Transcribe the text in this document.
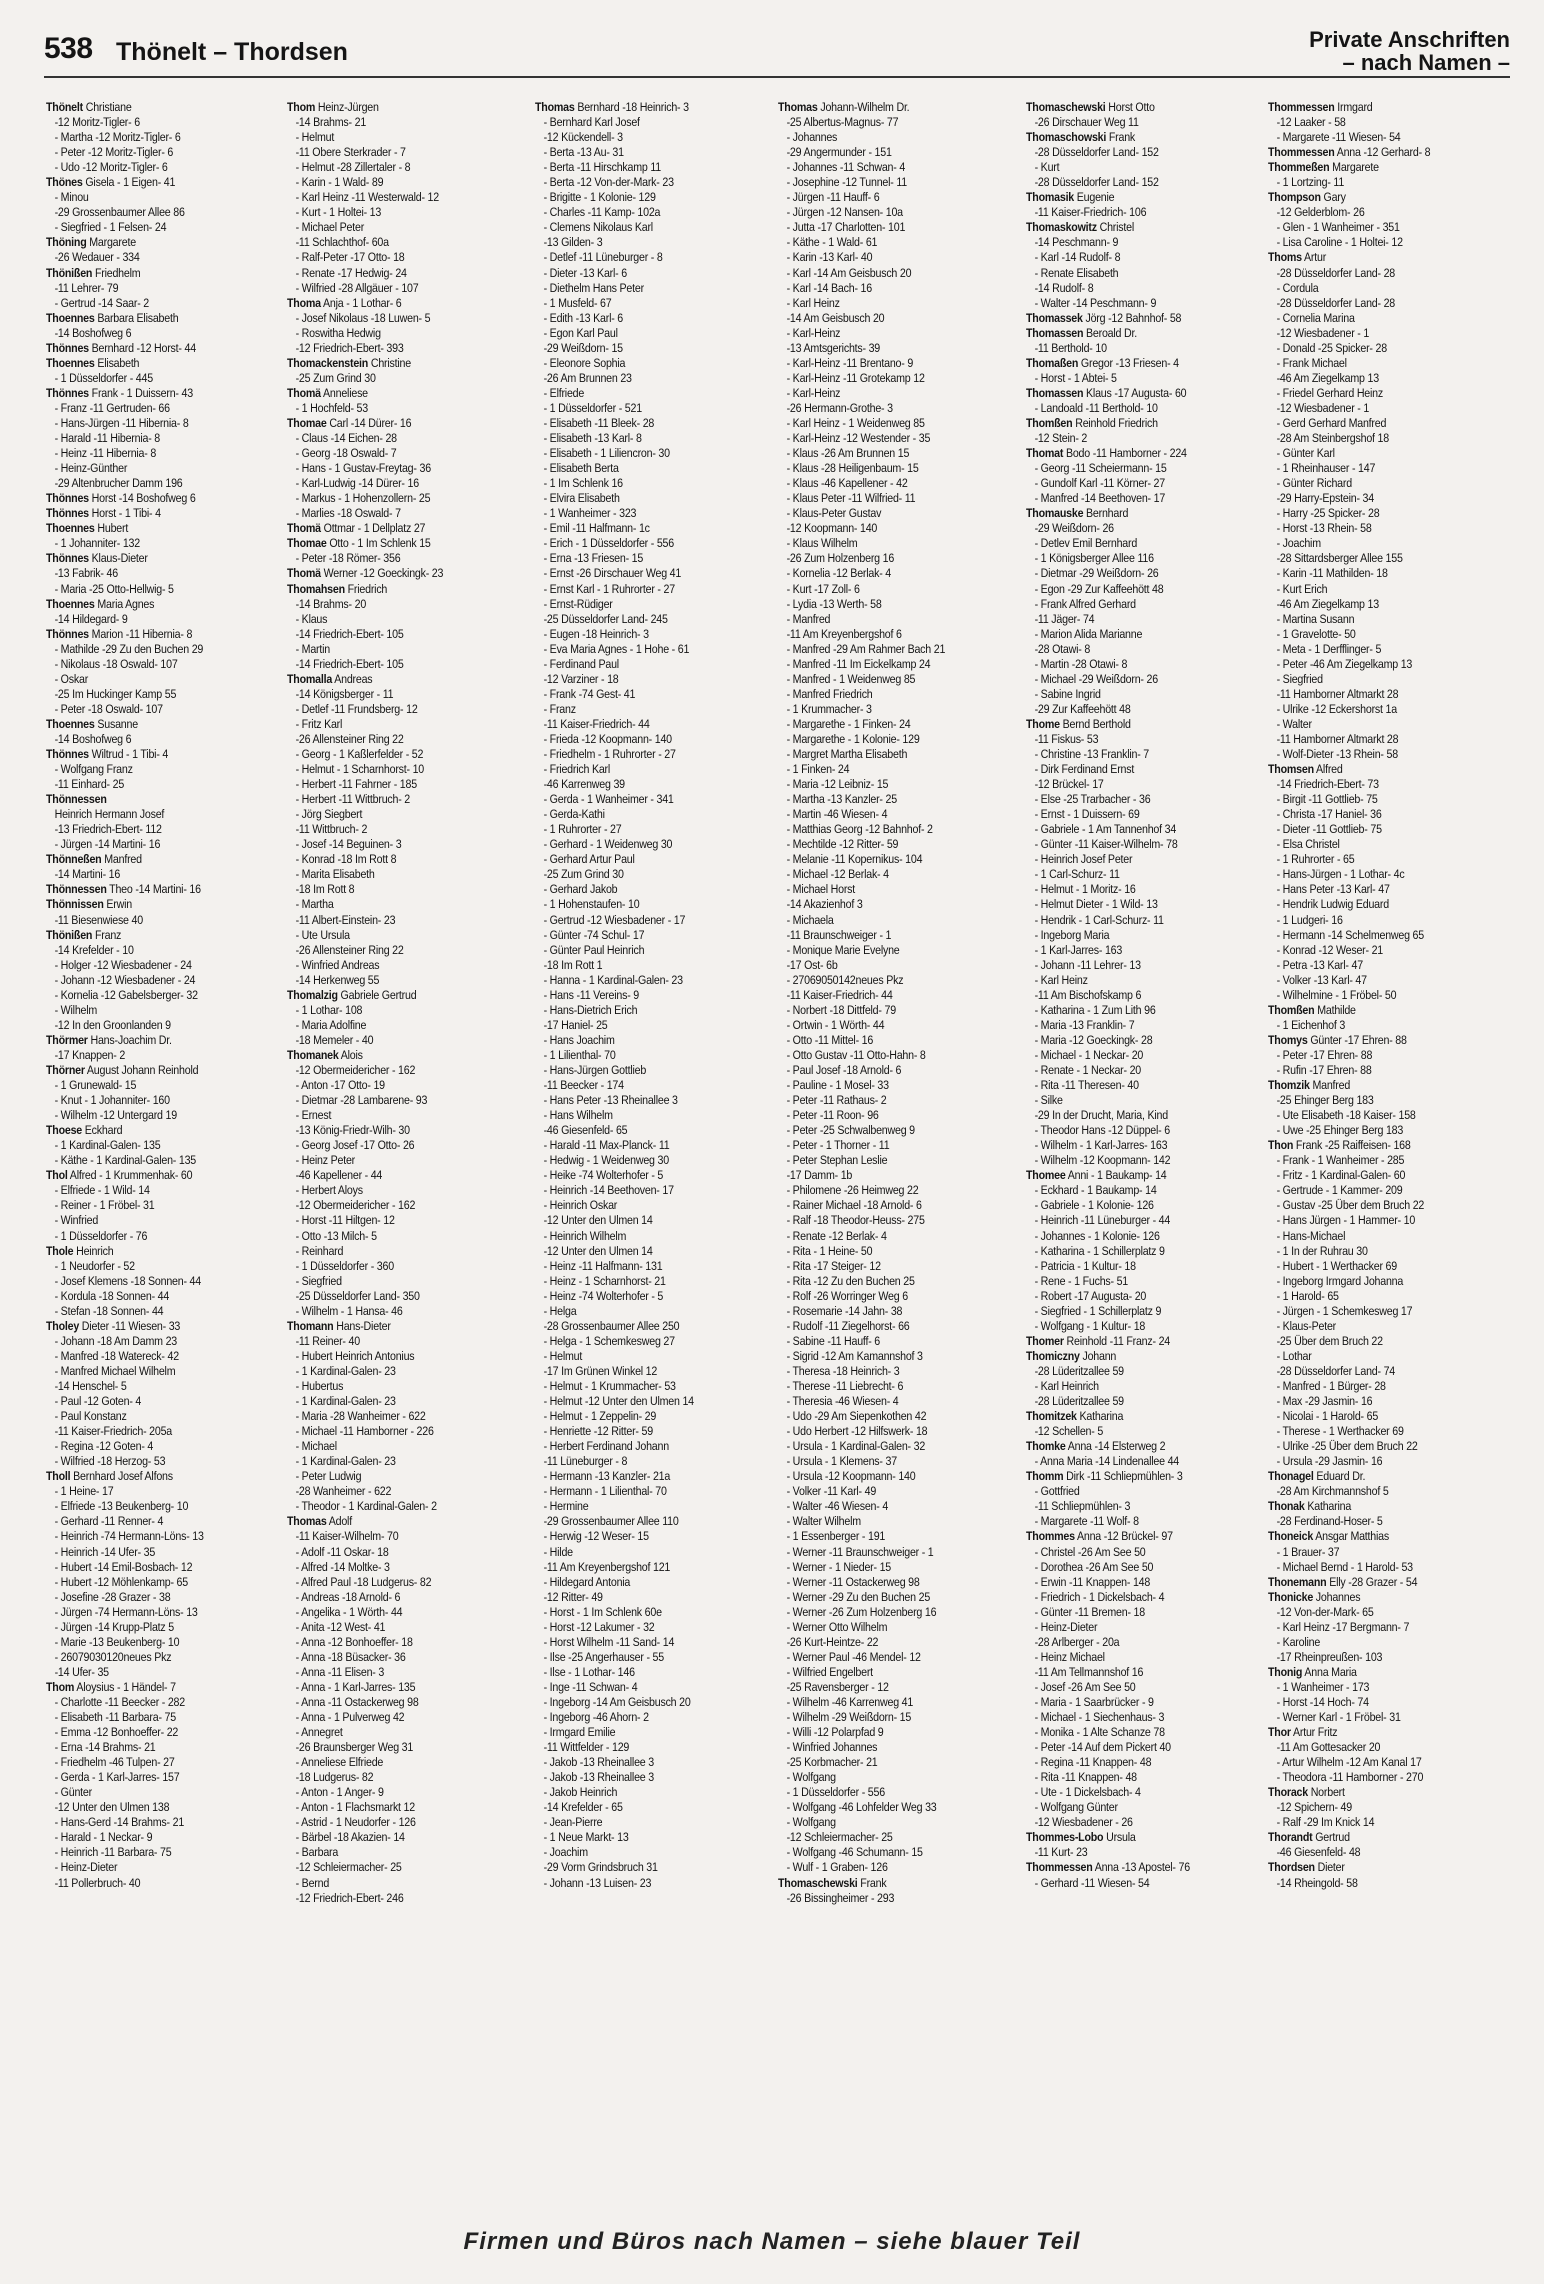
538 Thönelt – Thordsen	Private Anschriften
– nach Namen –
Thönelt Christiane
-12 Moritz-Tigler- 6
- Martha -12 Moritz-Tigler- 6
- Peter -12 Moritz-Tigler- 6
- Udo -12 Moritz-Tigler- 6
Thönes Gisela - 1 Eigen- 41
- Minou
-29 Grossenbaumer Allee 86
- Siegfried - 1 Felsen- 24
Thöning Margarete
-26 Wedauer - 334
Thönißen Friedhelm
-11 Lehrer- 79
- Gertrud -14 Saar- 2
Thoennes Barbara Elisabeth
-14 Boshofweg 6
Thönnes Bernhard -12 Horst- 44
Thoennes Elisabeth
- 1 Düsseldorfer - 445
Thönnes Frank - 1 Duissern- 43
- Franz -11 Gertruden- 66
- Hans-Jürgen -11 Hibernia- 8
- Harald -11 Hibernia- 8
- Heinz -11 Hibernia- 8
- Heinz-Günther
-29 Altenbrucher Damm 196
Thönnes Horst -14 Boshofweg 6
Thönnes Horst - 1 Tibi- 4
Thoennes Hubert
- 1 Johanniter- 132
Thönnes Klaus-Dieter
-13 Fabrik- 46
- Maria -25 Otto-Hellwig- 5
Thoennes Maria Agnes
-14 Hildegard- 9
Thönnes Marion -11 Hibernia- 8
- Mathilde -29 Zu den Buchen 29
- Nikolaus -18 Oswald- 107
- Oskar
-25 Im Huckinger Kamp 55
- Peter -18 Oswald- 107
Thoennes Susanne
-14 Boshofweg 6
Thönnes Wiltrud - 1 Tibi- 4
- Wolfgang Franz
-11 Einhard- 25
Thönnessen
Heinrich Hermann Josef
-13 Friedrich-Ebert- 112
- Jürgen -14 Martini- 16
Thönneßen Manfred
-14 Martini- 16
Thönnessen Theo -14 Martini- 16
Thönnissen Erwin
-11 Biesenwiese 40
Thönißen Franz
-14 Krefelder - 10
- Holger -12 Wiesbadener - 24
- Johann -12 Wiesbadener - 24
- Kornelia -12 Gabelsberger- 32
- Wilhelm
-12 In den Groonlanden 9
Thörmer Hans-Joachim Dr.
-17 Knappen- 2
Thörner August Johann Reinhold
- 1 Grunewald- 15
- Knut - 1 Johanniter- 160
- Wilhelm -12 Untergard 19
Thoese Eckhard
- 1 Kardinal-Galen- 135
- Käthe - 1 Kardinal-Galen- 135
Thol Alfred - 1 Krummenhak- 60
- Elfriede - 1 Wild- 14
- Reiner - 1 Fröbel- 31
- Winfried
- 1 Düsseldorfer - 76
Thole Heinrich
- 1 Neudorfer - 52
- Josef Klemens -18 Sonnen- 44
- Kordula -18 Sonnen- 44
- Stefan -18 Sonnen- 44
Tholey Dieter -11 Wiesen- 33
- Johann -18 Am Damm 23
- Manfred -18 Watereck- 42
- Manfred Michael Wilhelm
-14 Henschel- 5
- Paul -12 Goten- 4
- Paul Konstanz
-11 Kaiser-Friedrich- 205a
- Regina -12 Goten- 4
- Wilfried -18 Herzog- 53
Tholl Bernhard Josef Alfons
- 1 Heine- 17
- Elfriede -13 Beukenberg- 10
- Gerhard -11 Renner- 4
- Heinrich -74 Hermann-Löns- 13
- Heinrich -14 Ufer- 35
- Hubert -14 Emil-Bosbach- 12
- Hubert -12 Möhlenkamp- 65
- Josefine -28 Grazer - 38
- Jürgen -74 Hermann-Löns- 13
- Jürgen -14 Krupp-Platz 5
- Marie -13 Beukenberg- 10
- 26079030120neues Pkz
-14 Ufer- 35
Thom Aloysius - 1 Händel- 7
- Charlotte -11 Beecker - 282
- Elisabeth -11 Barbara- 75
- Emma -12 Bonhoeffer- 22
- Erna -14 Brahms- 21
- Friedhelm -46 Tulpen- 27
- Gerda - 1 Karl-Jarres- 157
- Günter
-12 Unter den Ulmen 138
- Hans-Gerd -14 Brahms- 21
- Harald - 1 Neckar- 9
- Heinrich -11 Barbara- 75
- Heinz-Dieter
-11 Pollerbruch- 40
Thom Heinz-Jürgen
-14 Brahms- 21
- Helmut
-11 Obere Sterkrader - 7
- Helmut -28 Zillertaler - 8
- Karin - 1 Wald- 89
- Karl Heinz -11 Westerwald- 12
- Kurt - 1 Holtei- 13
- Michael Peter
-11 Schlachthof- 60a
- Ralf-Peter -17 Otto- 18
- Renate -17 Hedwig- 24
- Wilfried -28 Allgäuer - 107
Thoma Anja - 1 Lothar- 6
- Josef Nikolaus -18 Luwen- 5
- Roswitha Hedwig
-12 Friedrich-Ebert- 393
Thomackenstein Christine
-25 Zum Grind 30
Thomä Anneliese
- 1 Hochfeld- 53
Thomae Carl -14 Dürer- 16
- Claus -14 Eichen- 28
- Georg -18 Oswald- 7
- Hans - 1 Gustav-Freytag- 36
- Karl-Ludwig -14 Dürer- 16
- Markus - 1 Hohenzollern- 25
- Marlies -18 Oswald- 7
Thomä Ottmar - 1 Dellplatz 27
Thomae Otto - 1 Im Schlenk 15
- Peter -18 Römer- 356
Thomä Werner -12 Goeckingk- 23
Thomahsen Friedrich
-14 Brahms- 20
- Klaus
-14 Friedrich-Ebert- 105
- Martin
-14 Friedrich-Ebert- 105
Thomalla Andreas
-14 Königsberger - 11
- Detlef -11 Frundsberg- 12
- Fritz Karl
-26 Allensteiner Ring 22
- Georg - 1 Kaßlerfelder - 52
- Helmut - 1 Scharnhorst- 10
- Herbert -11 Fahrner - 185
- Herbert -11 Wittbruch- 2
- Jörg Siegbert
-11 Wittbruch- 2
- Josef -14 Beguinen- 3
- Konrad -18 Im Rott 8
- Marita Elisabeth
-18 Im Rott 8
- Martha
-11 Albert-Einstein- 23
- Ute Ursula
-26 Allensteiner Ring 22
- Winfried Andreas
-14 Herkenweg 55
Thomalzig Gabriele Gertrud
- 1 Lothar- 108
- Maria Adolfine
-18 Memeler - 40
Thomanek Alois
-12 Obermeidericher - 162
- Anton -17 Otto- 19
- Dietmar -28 Lambarene- 93
- Ernest
-13 König-Friedr-Wilh- 30
- Georg Josef -17 Otto- 26
- Heinz Peter
-46 Kapellener - 44
- Herbert Aloys
-12 Obermeidericher - 162
- Horst -11 Hiltgen- 12
- Otto -13 Milch- 5
- Reinhard
- 1 Düsseldorfer - 360
- Siegfried
-25 Düsseldorfer Land- 350
- Wilhelm - 1 Hansa- 46
Thomann Hans-Dieter
-11 Reiner- 40
- Hubert Heinrich Antonius
- 1 Kardinal-Galen- 23
- Hubertus
- 1 Kardinal-Galen- 23
- Maria -28 Wanheimer - 622
- Michael -11 Hamborner - 226
- Michael
- 1 Kardinal-Galen- 23
- Peter Ludwig
-28 Wanheimer - 622
- Theodor - 1 Kardinal-Galen- 2
Thomas Adolf
-11 Kaiser-Wilhelm- 70
- Adolf -11 Oskar- 18
- Alfred -14 Moltke- 3
- Alfred Paul -18 Ludgerus- 82
- Andreas -18 Arnold- 6
- Angelika - 1 Wörth- 44
- Anita -12 West- 41
- Anna -12 Bonhoeffer- 18
- Anna -18 Büsacker- 36
- Anna -11 Elisen- 3
- Anna - 1 Karl-Jarres- 135
- Anna -11 Ostackerweg 98
- Anna - 1 Pulverweg 42
- Annegret
-26 Braunsberger Weg 31
- Anneliese Elfriede
-18 Ludgerus- 82
- Anton - 1 Anger- 9
- Anton - 1 Flachsmarkt 12
- Astrid - 1 Neudorfer - 126
- Bärbel -18 Akazien- 14
- Barbara
-12 Schleiermacher- 25
- Bernd
-12 Friedrich-Ebert- 246
Thomas Bernhard -18 Heinrich- 3
- Bernhard Karl Josef
-12 Kückendell- 3
- Berta -13 Au- 31
- Berta -11 Hirschkamp 11
- Berta -12 Von-der-Mark- 23
- Brigitte - 1 Kolonie- 129
- Charles -11 Kamp- 102a
- Clemens Nikolaus Karl
-13 Gilden- 3
- Detlef -11 Lüneburger - 8
- Dieter -13 Karl- 6
- Diethelm Hans Peter
- 1 Musfeld- 67
- Edith -13 Karl- 6
- Egon Karl Paul
-29 Weißdorn- 15
- Eleonore Sophia
-26 Am Brunnen 23
- Elfriede
- 1 Düsseldorfer - 521
- Elisabeth -11 Bleek- 28
- Elisabeth -13 Karl- 8
- Elisabeth - 1 Liliencron- 30
- Elisabeth Berta
- 1 Im Schlenk 16
- Elvira Elisabeth
- 1 Wanheimer - 323
- Emil -11 Halfmann- 1c
- Erich - 1 Düsseldorfer - 556
- Erna -13 Friesen- 15
- Ernst -26 Dirschauer Weg 41
- Ernst Karl - 1 Ruhrorter - 27
- Ernst-Rüdiger
-25 Düsseldorfer Land- 245
- Eugen -18 Heinrich- 3
- Eva Maria Agnes - 1 Hohe - 61
- Ferdinand Paul
-12 Varziner - 18
- Frank -74 Gest- 41
- Franz
-11 Kaiser-Friedrich- 44
- Frieda -12 Koopmann- 140
- Friedhelm - 1 Ruhrorter - 27
- Friedrich Karl
-46 Karrenweg 39
- Gerda - 1 Wanheimer - 341
- Gerda-Kathi
- 1 Ruhrorter - 27
- Gerhard - 1 Weidenweg 30
- Gerhard Artur Paul
-25 Zum Grind 30
- Gerhard Jakob
- 1 Hohenstaufen- 10
- Gertrud -12 Wiesbadener - 17
- Günter -74 Schul- 17
- Günter Paul Heinrich
-18 Im Rott 1
- Hanna - 1 Kardinal-Galen- 23
- Hans -11 Vereins- 9
- Hans-Dietrich Erich
-17 Haniel- 25
- Hans Joachim
- 1 Lilienthal- 70
- Hans-Jürgen Gottlieb
-11 Beecker - 174
- Hans Peter -13 Rheinallee 3
- Hans Wilhelm
-46 Giesenfeld- 65
- Harald -11 Max-Planck- 11
- Hedwig - 1 Weidenweg 30
- Heike -74 Wolterhofer - 5
- Heinrich -14 Beethoven- 17
- Heinrich Oskar
-12 Unter den Ulmen 14
- Heinrich Wilhelm
-12 Unter den Ulmen 14
- Heinz -11 Halfmann- 131
- Heinz - 1 Scharnhorst- 21
- Heinz -74 Wolterhofer - 5
- Helga
-28 Grossenbaumer Allee 250
- Helga - 1 Schemkesweg 27
- Helmut
-17 Im Grünen Winkel 12
- Helmut - 1 Krummacher- 53
- Helmut -12 Unter den Ulmen 14
- Helmut - 1 Zeppelin- 29
- Henriette -12 Ritter- 59
- Herbert Ferdinand Johann
-11 Lüneburger - 8
- Hermann -13 Kanzler- 21a
- Hermann - 1 Lilienthal- 70
- Hermine
-29 Grossenbaumer Allee 110
- Herwig -12 Weser- 15
- Hilde
-11 Am Kreyenbergshof 121
- Hildegard Antonia
-12 Ritter- 49
- Horst - 1 Im Schlenk 60e
- Horst -12 Lakumer - 32
- Horst Wilhelm -11 Sand- 14
- Ilse -25 Angerhauser - 55
- Ilse - 1 Lothar- 146
- Inge -11 Schwan- 4
- Ingeborg -14 Am Geisbusch 20
- Ingeborg -46 Ahorn- 2
- Irmgard Emilie
-11 Wittfelder - 129
- Jakob -13 Rheinallee 3
- Jakob -13 Rheinallee 3
- Jakob Heinrich
-14 Krefelder - 65
- Jean-Pierre
- 1 Neue Markt- 13
- Joachim
-29 Vorm Grindsbruch 31
- Johann -13 Luisen- 23
Thomas Johann-Wilhelm Dr.
-25 Albertus-Magnus- 77
- Johannes
-29 Angermunder - 151
- Johannes -11 Schwan- 4
- Josephine -12 Tunnel- 11
- Jürgen -11 Hauff- 6
- Jürgen -12 Nansen- 10a
- Jutta -17 Charlotten- 101
- Käthe - 1 Wald- 61
- Karin -13 Karl- 40
- Karl -14 Am Geisbusch 20
- Karl -14 Bach- 16
- Karl Heinz
-14 Am Geisbusch 20
- Karl-Heinz
-13 Amtsgerichts- 39
- Karl-Heinz -11 Brentano- 9
- Karl-Heinz -11 Grotekamp 12
- Karl-Heinz
-26 Hermann-Grothe- 3
- Karl Heinz - 1 Weidenweg 85
- Karl-Heinz -12 Westender - 35
- Klaus -26 Am Brunnen 15
- Klaus -28 Heiligenbaum- 15
- Klaus -46 Kapellener - 42
- Klaus Peter -11 Wilfried- 11
- Klaus-Peter Gustav
-12 Koopmann- 140
- Klaus Wilhelm
-26 Zum Holzenberg 16
- Kornelia -12 Berlak- 4
- Kurt -17 Zoll- 6
- Lydia -13 Werth- 58
- Manfred
-11 Am Kreyenbergshof 6
- Manfred -29 Am Rahmer Bach 21
- Manfred -11 Im Eickelkamp 24
- Manfred - 1 Weidenweg 85
- Manfred Friedrich
- 1 Krummacher- 3
- Margarethe - 1 Finken- 24
- Margarethe - 1 Kolonie- 129
- Margret Martha Elisabeth
- 1 Finken- 24
- Maria -12 Leibniz- 15
- Martha -13 Kanzler- 25
- Martin -46 Wiesen- 4
- Matthias Georg -12 Bahnhof- 2
- Mechtilde -12 Ritter- 59
- Melanie -11 Kopernikus- 104
- Michael -12 Berlak- 4
- Michael Horst
-14 Akazienhof 3
- Michaela
-11 Braunschweiger - 1
- Monique Marie Evelyne
-17 Ost- 6b
- 27069050142neues Pkz
-11 Kaiser-Friedrich- 44
- Norbert -18 Dittfeld- 79
- Ortwin - 1 Wörth- 44
- Otto -11 Mittel- 16
- Otto Gustav -11 Otto-Hahn- 8
- Paul Josef -18 Arnold- 6
- Pauline - 1 Mosel- 33
- Peter -11 Rathaus- 2
- Peter -11 Roon- 96
- Peter -25 Schwalbenweg 9
- Peter - 1 Thorner - 11
- Peter Stephan Leslie
-17 Damm- 1b
- Philomene -26 Heimweg 22
- Rainer Michael -18 Arnold- 6
- Ralf -18 Theodor-Heuss- 275
- Renate -12 Berlak- 4
- Rita - 1 Heine- 50
- Rita -17 Steiger- 12
- Rita -12 Zu den Buchen 25
- Rolf -26 Worringer Weg 6
- Rosemarie -14 Jahn- 38
- Rudolf -11 Ziegelhorst- 66
- Sabine -11 Hauff- 6
- Sigrid -12 Am Kamannshof 3
- Theresa -18 Heinrich- 3
- Therese -11 Liebrecht- 6
- Theresia -46 Wiesen- 4
- Udo -29 Am Siepenkothen 42
- Udo Herbert -12 Hilfswerk- 18
- Ursula - 1 Kardinal-Galen- 32
- Ursula - 1 Klemens- 37
- Ursula -12 Koopmann- 140
- Volker -11 Karl- 49
- Walter -46 Wiesen- 4
- Walter Wilhelm
- 1 Essenberger - 191
- Werner -11 Braunschweiger - 1
- Werner - 1 Nieder- 15
- Werner -11 Ostackerweg 98
- Werner -29 Zu den Buchen 25
- Werner -26 Zum Holzenberg 16
- Werner Otto Wilhelm
-26 Kurt-Heintze- 22
- Werner Paul -46 Mendel- 12
- Wilfried Engelbert
-25 Ravensberger - 12
- Wilhelm -46 Karrenweg 41
- Wilhelm -29 Weißdorn- 15
- Willi -12 Polarpfad 9
- Winfried Johannes
-25 Korbmacher- 21
- Wolfgang
- 1 Düsseldorfer - 556
- Wolfgang -46 Lohfelder Weg 33
- Wolfgang
-12 Schleiermacher- 25
- Wolfgang -46 Schumann- 15
- Wulf - 1 Graben- 126
Thomaschewski Frank
-26 Bissingheimer - 293
Thomaschewski Horst Otto
-26 Dirschauer Weg 11
Thomaschowski Frank
-28 Düsseldorfer Land- 152
- Kurt
-28 Düsseldorfer Land- 152
Thomasik Eugenie
-11 Kaiser-Friedrich- 106
Thomaskowitz Christel
-14 Peschmann- 9
- Karl -14 Rudolf- 8
- Renate Elisabeth
-14 Rudolf- 8
- Walter -14 Peschmann- 9
Thomassek Jörg -12 Bahnhof- 58
Thomassen Beroald Dr.
-11 Berthold- 10
Thomaßen Gregor -13 Friesen- 4
- Horst - 1 Abtei- 5
Thomassen Klaus -17 Augusta- 60
- Landoald -11 Berthold- 10
Thomßen Reinhold Friedrich
-12 Stein- 2
Thomat Bodo -11 Hamborner - 224
- Georg -11 Scheiermann- 15
- Gundolf Karl -11 Körner- 27
- Manfred -14 Beethoven- 17
Thomauske Bernhard
-29 Weißdorn- 26
- Detlev Emil Bernhard
- 1 Königsberger Allee 116
- Dietmar -29 Weißdorn- 26
- Egon -29 Zur Kaffeehött 48
- Frank Alfred Gerhard
-11 Jäger- 74
- Marion Alida Marianne
-28 Otawi- 8
- Martin -28 Otawi- 8
- Michael -29 Weißdorn- 26
- Sabine Ingrid
-29 Zur Kaffeehött 48
Thome Bernd Berthold
-11 Fiskus- 53
- Christine -13 Franklin- 7
- Dirk Ferdinand Ernst
-12 Brückel- 17
- Else -25 Trarbacher - 36
- Ernst - 1 Duissern- 69
- Gabriele - 1 Am Tannenhof 34
- Günter -11 Kaiser-Wilhelm- 78
- Heinrich Josef Peter
- 1 Carl-Schurz- 11
- Helmut - 1 Moritz- 16
- Helmut Dieter - 1 Wild- 13
- Hendrik - 1 Carl-Schurz- 11
- Ingeborg Maria
- 1 Karl-Jarres- 163
- Johann -11 Lehrer- 13
- Karl Heinz
-11 Am Bischofskamp 6
- Katharina - 1 Zum Lith 96
- Maria -13 Franklin- 7
- Maria -12 Goeckingk- 28
- Michael - 1 Neckar- 20
- Renate - 1 Neckar- 20
- Rita -11 Theresen- 40
- Silke
-29 In der Drucht, Maria, Kind
- Theodor Hans -12 Düppel- 6
- Wilhelm - 1 Karl-Jarres- 163
- Wilhelm -12 Koopmann- 142
Thomee Anni - 1 Baukamp- 14
- Eckhard - 1 Baukamp- 14
- Gabriele - 1 Kolonie- 126
- Heinrich -11 Lüneburger - 44
- Johannes - 1 Kolonie- 126
- Katharina - 1 Schillerplatz 9
- Patricia - 1 Kultur- 18
- Rene - 1 Fuchs- 51
- Robert -17 Augusta- 20
- Siegfried - 1 Schillerplatz 9
- Wolfgang - 1 Kultur- 18
Thomer Reinhold -11 Franz- 24
Thomiczny Johann
-28 Lüderitzallee 59
- Karl Heinrich
-28 Lüderitzallee 59
Thomitzek Katharina
-12 Schellen- 5
Thomke Anna -14 Elsterweg 2
- Anna Maria -14 Lindenallee 44
Thomm Dirk -11 Schliepmühlen- 3
- Gottfried
-11 Schliepmühlen- 3
- Margarete -11 Wolf- 8
Thommes Anna -12 Brückel- 97
- Christel -26 Am See 50
- Dorothea -26 Am See 50
- Erwin -11 Knappen- 148
- Friedrich - 1 Dickelsbach- 4
- Günter -11 Bremen- 18
- Heinz-Dieter
-28 Arlberger - 20a
- Heinz Michael
-11 Am Tellmannshof 16
- Josef -26 Am See 50
- Maria - 1 Saarbrücker - 9
- Michael - 1 Siechenhaus- 3
- Monika - 1 Alte Schanze 78
- Peter -14 Auf dem Pickert 40
- Regina -11 Knappen- 48
- Rita -11 Knappen- 48
- Ute - 1 Dickelsbach- 4
- Wolfgang Günter
-12 Wiesbadener - 26
Thommes-Lobo Ursula
-11 Kurt- 23
Thommessen Anna -13 Apostel- 76
- Gerhard -11 Wiesen- 54
Thommessen Irmgard
-12 Laaker - 58
- Margarete -11 Wiesen- 54
Thommessen Anna -12 Gerhard- 8
Thommeßen Margarete
- 1 Lortzing- 11
Thompson Gary
-12 Gelderblom- 26
- Glen - 1 Wanheimer - 351
- Lisa Caroline - 1 Holtei- 12
Thoms Artur
-28 Düsseldorfer Land- 28
- Cordula
-28 Düsseldorfer Land- 28
- Cornelia Marina
-12 Wiesbadener - 1
- Donald -25 Spicker- 28
- Frank Michael
-46 Am Ziegelkamp 13
- Friedel Gerhard Heinz
-12 Wiesbadener - 1
- Gerd Gerhard Manfred
-28 Am Steinbergshof 18
- Günter Karl
- 1 Rheinhauser - 147
- Günter Richard
-29 Harry-Epstein- 34
- Harry -25 Spicker- 28
- Horst -13 Rhein- 58
- Joachim
-28 Sittardsberger Allee 155
- Karin -11 Mathilden- 18
- Kurt Erich
-46 Am Ziegelkamp 13
- Martina Susann
- 1 Gravelotte- 50
- Meta - 1 Derfflinger- 5
- Peter -46 Am Ziegelkamp 13
- Siegfried
-11 Hamborner Altmarkt 28
- Ulrike -12 Eckershorst 1a
- Walter
-11 Hamborner Altmarkt 28
- Wolf-Dieter -13 Rhein- 58
Thomsen Alfred
-14 Friedrich-Ebert- 73
- Birgit -11 Gottlieb- 75
- Christa -17 Haniel- 36
- Dieter -11 Gottlieb- 75
- Elsa Christel
- 1 Ruhrorter - 65
- Hans-Jürgen - 1 Lothar- 4c
- Hans Peter -13 Karl- 47
- Hendrik Ludwig Eduard
- 1 Ludgeri- 16
- Hermann -14 Schelmenweg 65
- Konrad -12 Weser- 21
- Petra -13 Karl- 47
- Volker -13 Karl- 47
- Wilhelmine - 1 Fröbel- 50
Thomßen Mathilde
- 1 Eichenhof 3
Thomys Günter -17 Ehren- 88
- Peter -17 Ehren- 88
- Rufin -17 Ehren- 88
Thomzik Manfred
-25 Ehinger Berg 183
- Ute Elisabeth -18 Kaiser- 158
- Uwe -25 Ehinger Berg 183
Thon Frank -25 Raiffeisen- 168
- Frank - 1 Wanheimer - 285
- Fritz - 1 Kardinal-Galen- 60
- Gertrude - 1 Kammer- 209
- Gustav -25 Über dem Bruch 22
- Hans Jürgen - 1 Hammer- 10
- Hans-Michael
- 1 In der Ruhrau 30
- Hubert - 1 Werthacker 69
- Ingeborg Irmgard Johanna
- 1 Harold- 65
- Jürgen - 1 Schemkesweg 17
- Klaus-Peter
-25 Über dem Bruch 22
- Lothar
-28 Düsseldorfer Land- 74
- Manfred - 1 Bürger- 28
- Max -29 Jasmin- 16
- Nicolai - 1 Harold- 65
- Therese - 1 Werthacker 69
- Ulrike -25 Über dem Bruch 22
- Ursula -29 Jasmin- 16
Thonagel Eduard Dr.
-28 Am Kirchmannshof 5
Thonak Katharina
-28 Ferdinand-Hoser- 5
Thoneick Ansgar Matthias
- 1 Brauer- 37
- Michael Bernd - 1 Harold- 53
Thonemann Elly -28 Grazer - 54
Thonicke Johannes
-12 Von-der-Mark- 65
- Karl Heinz -17 Bergmann- 7
- Karoline
-17 Rheinpreußen- 103
Thonig Anna Maria
- 1 Wanheimer - 173
- Horst -14 Hoch- 74
- Werner Karl - 1 Fröbel- 31
Thor Artur Fritz
-11 Am Gottesacker 20
- Artur Wilhelm -12 Am Kanal 17
- Theodora -11 Hamborner - 270
Thorack Norbert
-12 Spichern- 49
- Ralf -29 Im Knick 14
Thorandt Gertrud
-46 Giesenfeld- 48
Thordsen Dieter
-14 Rheingold- 58
Firmen und Büros nach Namen – siehe blauer Teil
